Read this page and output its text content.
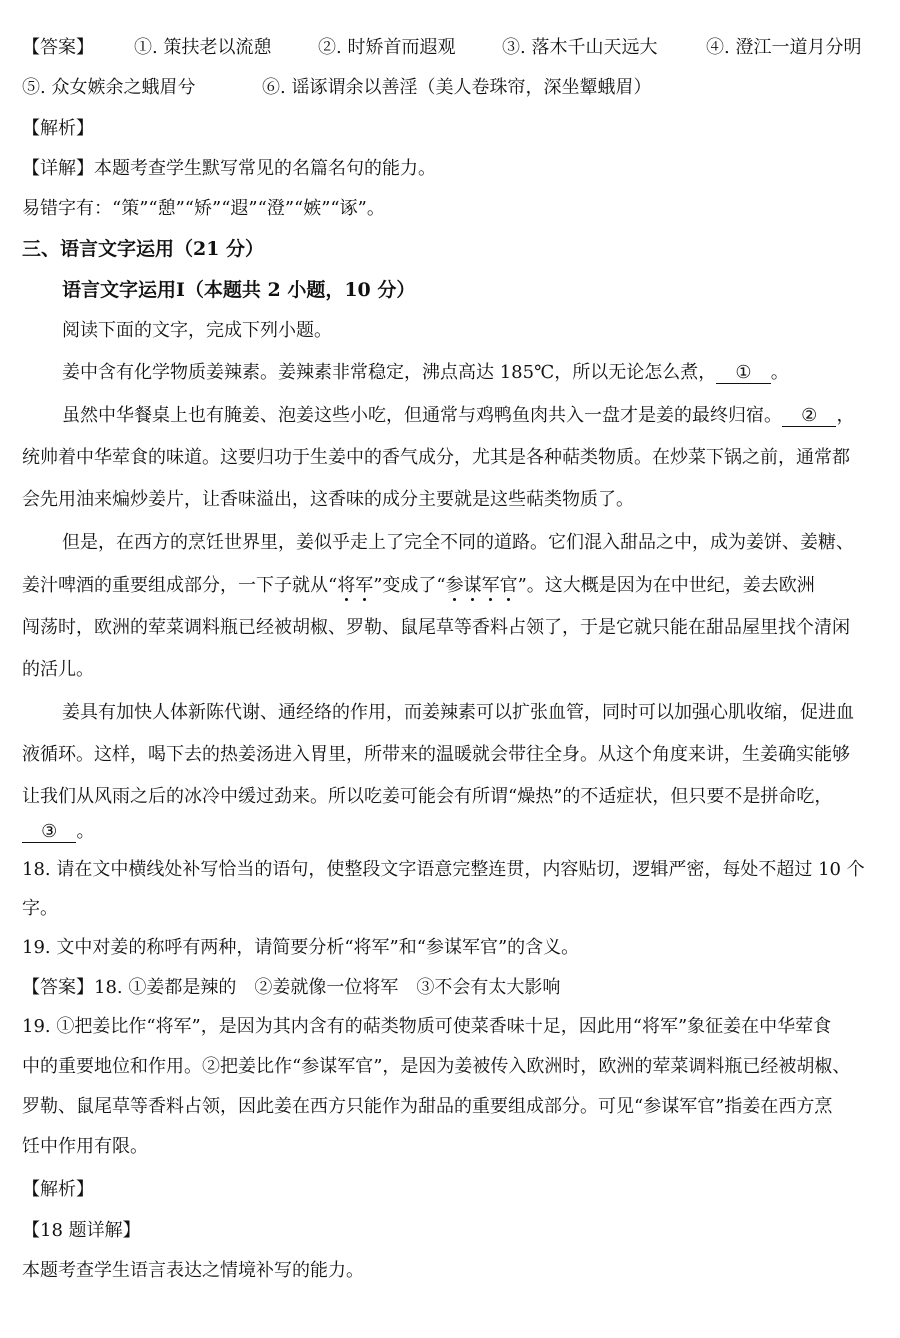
【答案】 ①. 策扶老以流憩	②. 时矫首而遐观	③. 落木千山天远大	④. 澄江一道月分明
⑤. 众女嫉余之蛾眉兮	⑥. 谣诼谓余以善淫（美人卷珠帘，深坐颦蛾眉）
【解析】
【详解】本题考查学生默写常见的名篇名句的能力。
易错字有：“策”“憩”“矫”“遐”“澄”“嫉”“诼”。
三、语言文字运用（21 分）
语言文字运用Ⅰ（本题共 2 小题，10 分）
阅读下面的文字，完成下列小题。
姜中含有化学物质姜辣素。姜辣素非常稳定，沸点高达 185℃，所以无论怎么煮， ① 。
虽然中华餐桌上也有腌姜、泡姜这些小吃，但通常与鸡鸭鱼肉共入一盘才是姜的最终归宿。 ② ，
统帅着中华荤食的味道。这要归功于生姜中的香气成分，尤其是各种萜类物质。在炒菜下锅之前，通常都
会先用油来煸炒姜片，让香味溢出，这香味的成分主要就是这些萜类物质了。
但是，在西方的烹饪世界里，姜似乎走上了完全不同的道路。它们混入甜品之中，成为姜饼、姜糖、
姜汁啤酒的重要组成部分，一下子就从“将军”变成了“参谋军官”。这大概是因为在中世纪，姜去欧洲
闯荡时，欧洲的荤菜调料瓶已经被胡椒、罗勒、鼠尾草等香料占领了，于是它就只能在甜品屋里找个清闲
的活儿。
姜具有加快人体新陈代谢、通经络的作用，而姜辣素可以扩张血管，同时可以加强心肌收缩，促进血
液循环。这样，喝下去的热姜汤进入胃里，所带来的温暖就会带往全身。从这个角度来讲，生姜确实能够
让我们从风雨之后的冰冷中缓过劲来。所以吃姜可能会有所谓“燥热”的不适症状，但只要不是拼命吃，
③ 。
18. 请在文中横线处补写恰当的语句，使整段文字语意完整连贯，内容贴切，逻辑严密，每处不超过 10 个
字。
19. 文中对姜的称呼有两种，请简要分析“将军”和“参谋军官”的含义。
【答案】18. ①姜都是辣的　②姜就像一位将军　③不会有太大影响
19. ①把姜比作“将军”，是因为其内含有的萜类物质可使菜香味十足，因此用“将军”象征姜在中华荤食
中的重要地位和作用。②把姜比作“参谋军官”，是因为姜被传入欧洲时，欧洲的荤菜调料瓶已经被胡椒、
罗勒、鼠尾草等香料占领，因此姜在西方只能作为甜品的重要组成部分。可见“参谋军官”指姜在西方烹
饪中作用有限。
【解析】
【18 题详解】
本题考查学生语言表达之情境补写的能力。
